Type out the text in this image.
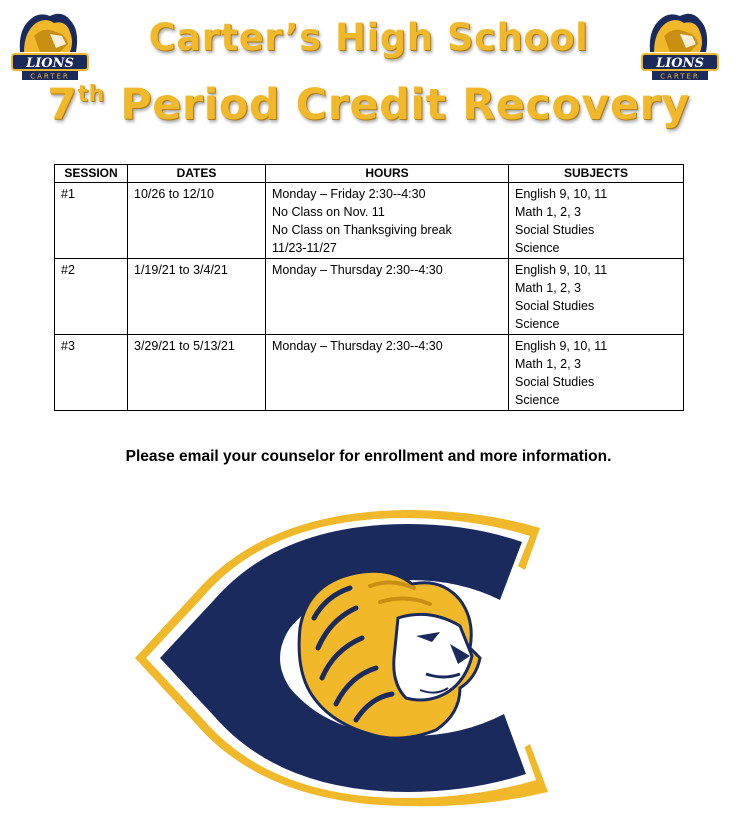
LIONS
CARTER
LIONS
CARTER
Carter’s High School
7th Period Credit Recovery
SESSION	DATES	HOURS	SUBJECTS
#1	10/26 to 12/10	Monday – Friday 2:30--4:30
No Class on Nov. 11
No Class on Thanksgiving break
11/23-11/27	English 9, 10, 11
Math 1, 2, 3
Social Studies
Science

#2	1/19/21 to 3/4/21	Monday – Thursday 2:30--4:30	English 9, 10, 11
Math 1, 2, 3
Social Studies
Science

#3	3/29/21 to 5/13/21	Monday – Thursday 2:30--4:30	English 9, 10, 11
Math 1, 2, 3
Social Studies
Science
Please email your counselor for enrollment and more information.
